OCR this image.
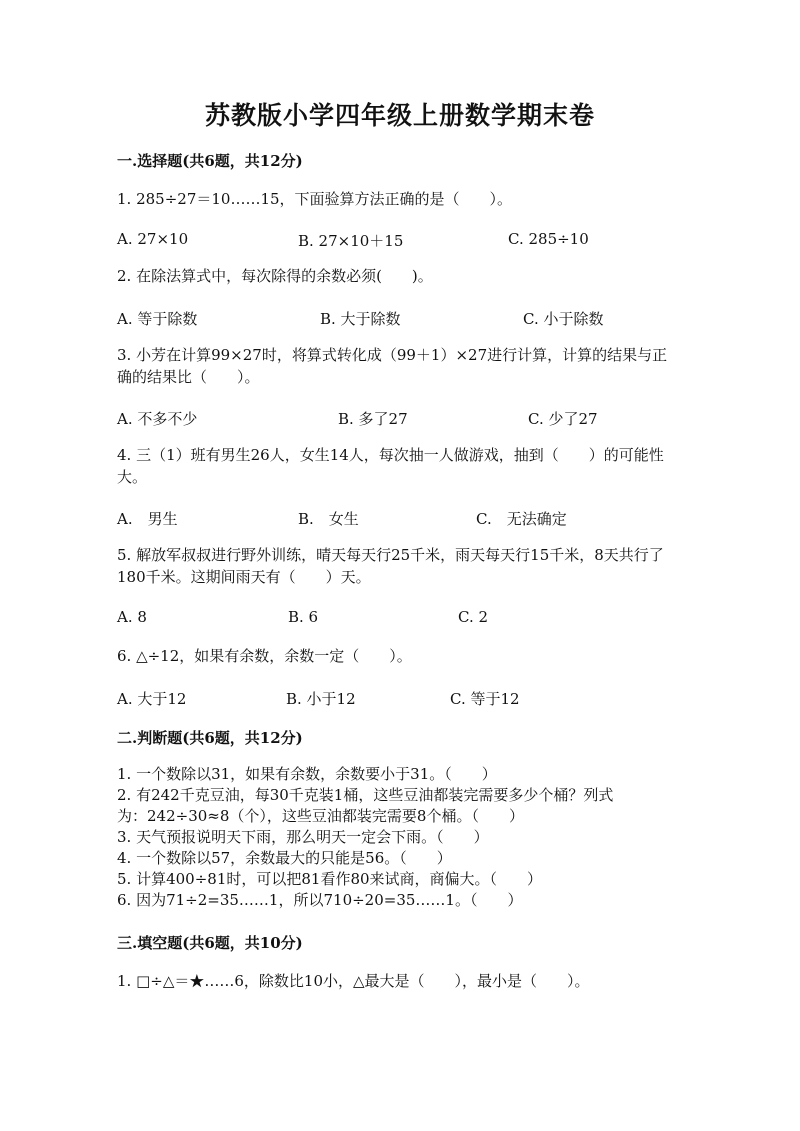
苏教版小学四年级上册数学期末卷
一.选择题(共6题，共12分)
1. 285÷27＝10……15，下面验算方法正确的是（　　）。
A. 27×10	B. 27×10＋15	C. 285÷10
2. 在除法算式中，每次除得的余数必须(　　)。
A. 等于除数	B. 大于除数	C. 小于除数
3. 小芳在计算99×27时，将算式转化成（99＋1）×27进行计算，计算的结果与正确的结果比（　　）。
A. 不多不少	B. 多了27	C. 少了27
4. 三（1）班有男生26人，女生14人，每次抽一人做游戏，抽到（　　）的可能性大。
A.　男生	B.　女生	C.　无法确定
5. 解放军叔叔进行野外训练，晴天每天行25千米，雨天每天行15千米，8天共行了180千米。这期间雨天有（　　）天。
A. 8	B. 6	C. 2
6. △÷12，如果有余数，余数一定（　　）。
A. 大于12	B. 小于12	C. 等于12
二.判断题(共6题，共12分)
1. 一个数除以31，如果有余数，余数要小于31。（　　）
2. 有242千克豆油，每30千克装1桶，这些豆油都装完需要多少个桶？列式
为：242÷30≈8（个），这些豆油都装完需要8个桶。（　　）
3. 天气预报说明天下雨，那么明天一定会下雨。（　　）
4. 一个数除以57，余数最大的只能是56。（　　）
5. 计算400÷81时，可以把81看作80来试商，商偏大。（　　）
6. 因为71÷2=35……1，所以710÷20=35……1。（　　）
三.填空题(共6题，共10分)
1. □÷△＝★……6，除数比10小，△最大是（　　），最小是（　　）。
